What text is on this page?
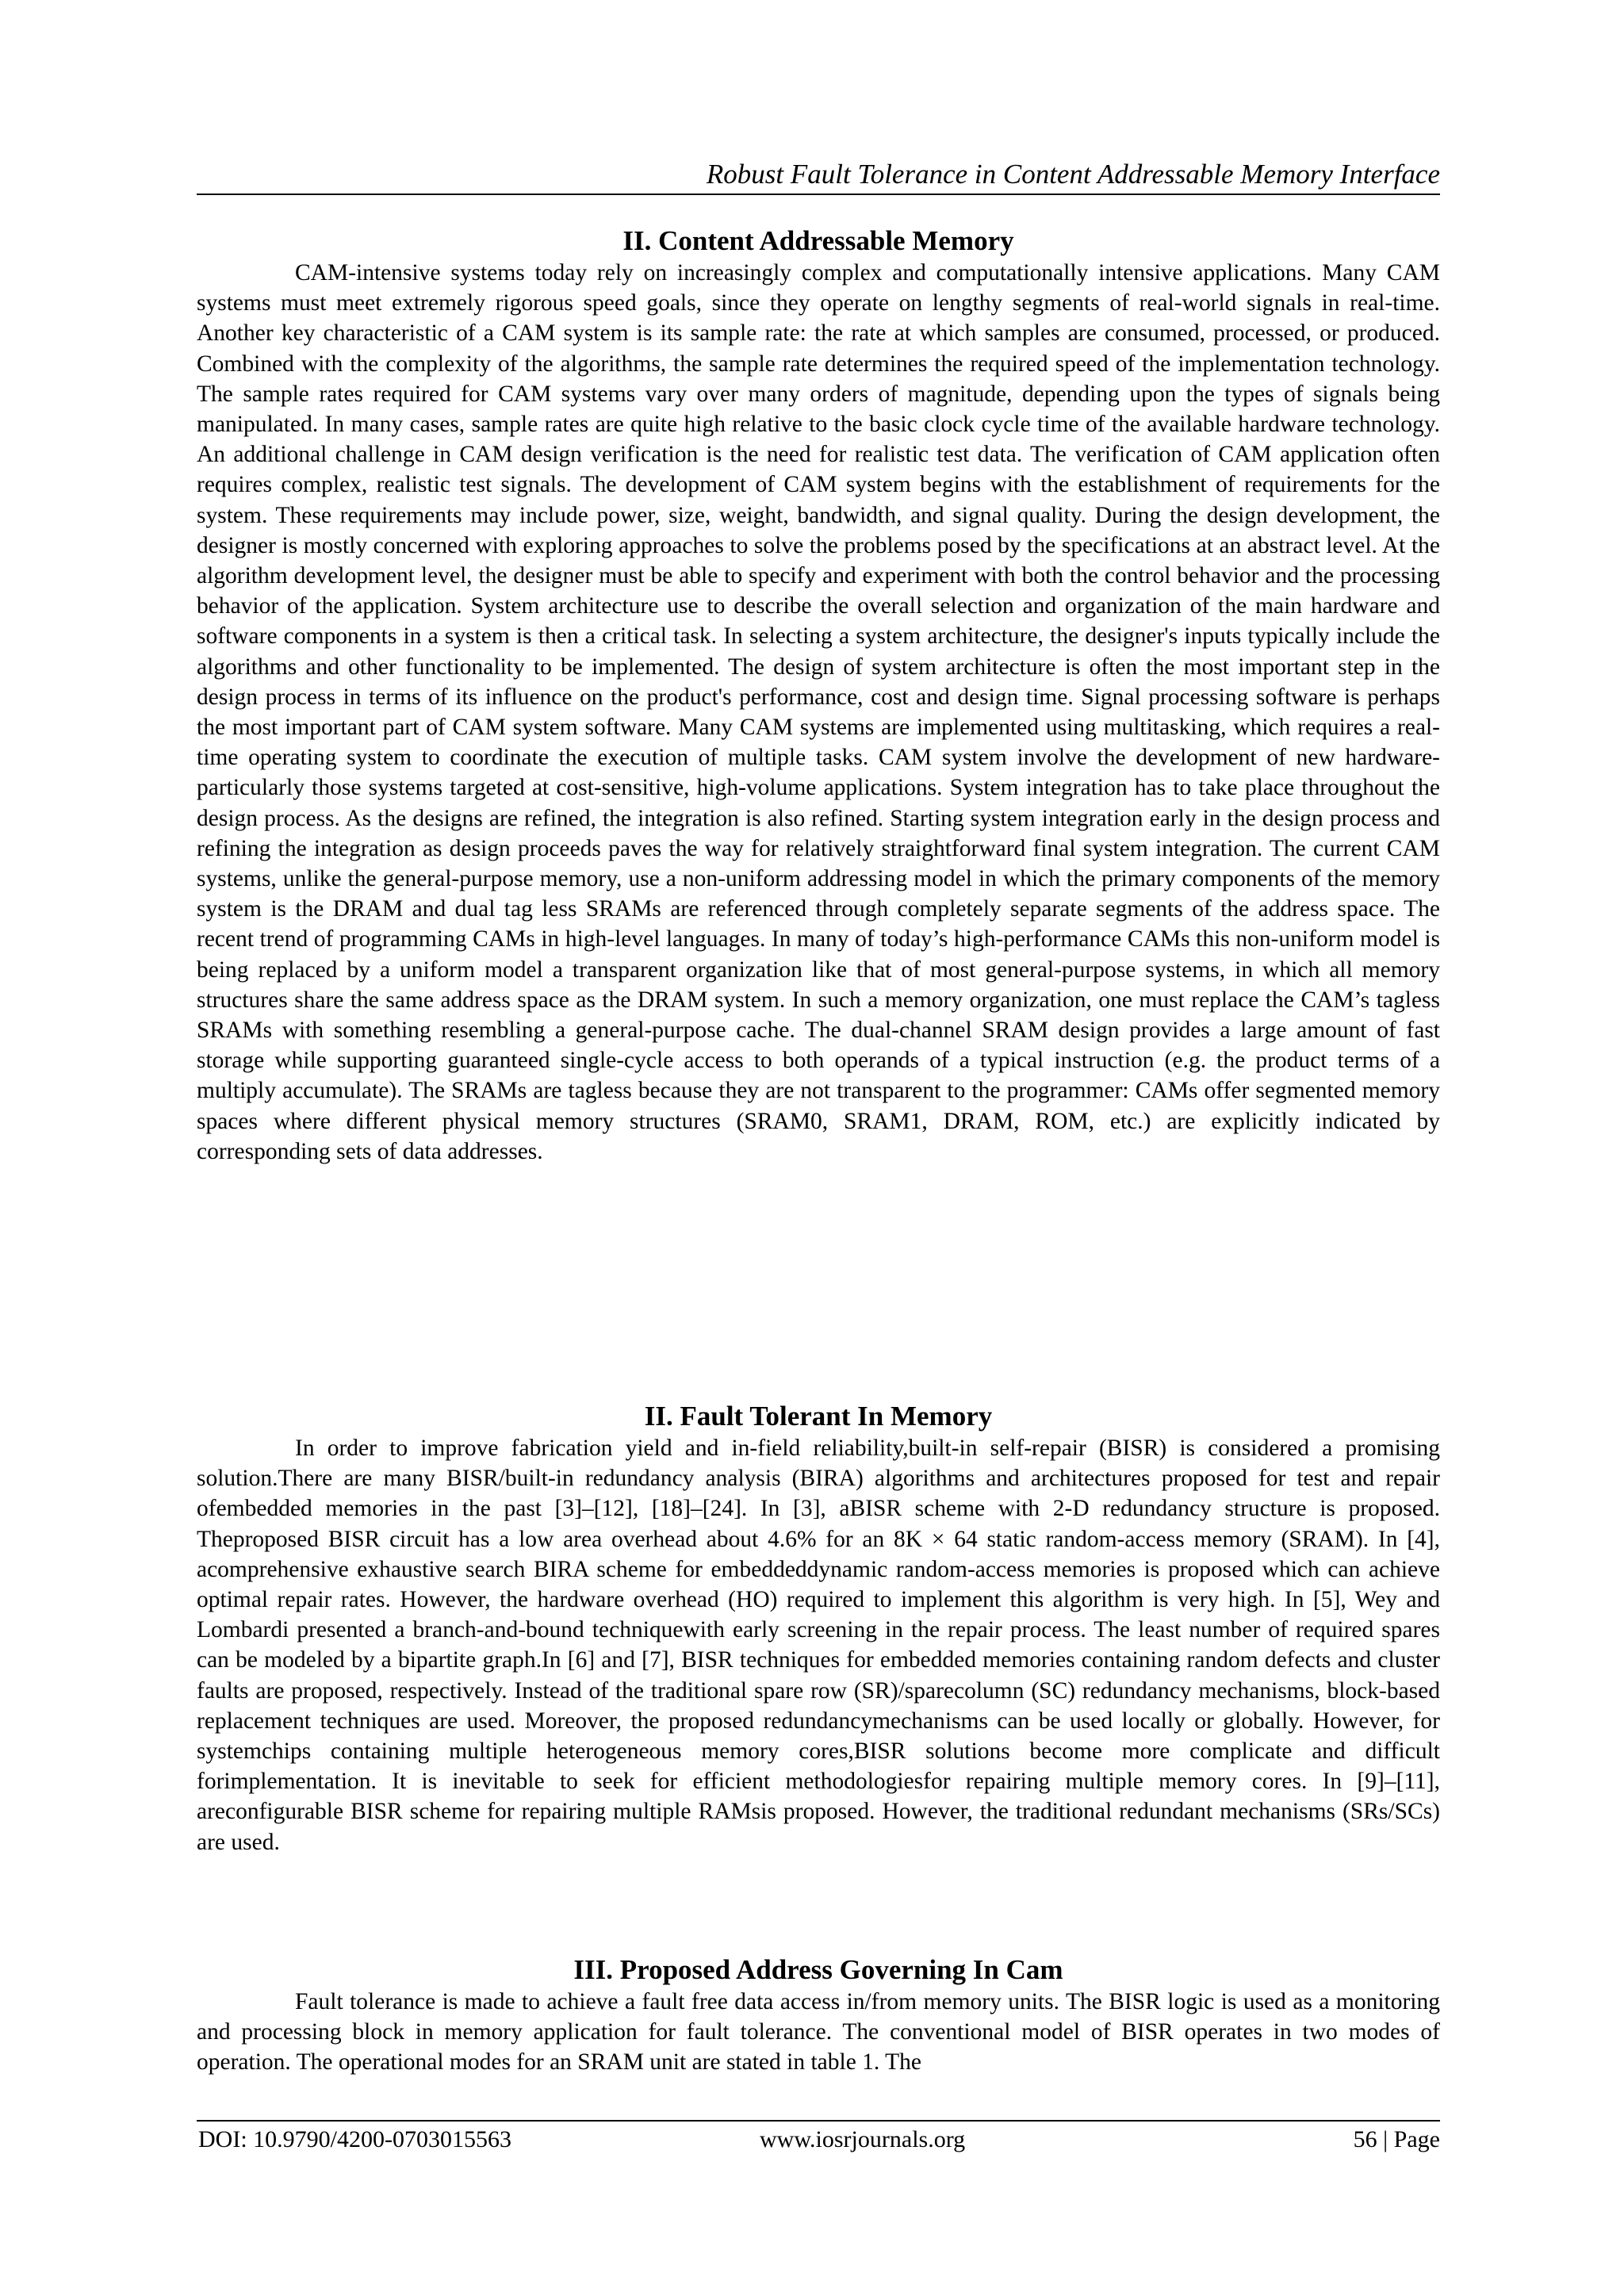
Robust Fault Tolerance in Content Addressable Memory Interface
II. Content Addressable Memory
CAM-intensive systems today rely on increasingly complex and computationally intensive applications. Many CAM systems must meet extremely rigorous speed goals, since they operate on lengthy segments of real-world signals in real-time. Another key characteristic of a CAM system is its sample rate: the rate at which samples are consumed, processed, or produced. Combined with the complexity of the algorithms, the sample rate determines the required speed of the implementation technology. The sample rates required for CAM systems vary over many orders of magnitude, depending upon the types of signals being manipulated. In many cases, sample rates are quite high relative to the basic clock cycle time of the available hardware technology. An additional challenge in CAM design verification is the need for realistic test data. The verification of CAM application often requires complex, realistic test signals. The development of CAM system begins with the establishment of requirements for the system. These requirements may include power, size, weight, bandwidth, and signal quality. During the design development, the designer is mostly concerned with exploring approaches to solve the problems posed by the specifications at an abstract level. At the algorithm development level, the designer must be able to specify and experiment with both the control behavior and the processing behavior of the application. System architecture use to describe the overall selection and organization of the main hardware and software components in a system is then a critical task. In selecting a system architecture, the designer's inputs typically include the algorithms and other functionality to be implemented. The design of system architecture is often the most important step in the design process in terms of its influence on the product's performance, cost and design time. Signal processing software is perhaps the most important part of CAM system software. Many CAM systems are implemented using multitasking, which requires a real-time operating system to coordinate the execution of multiple tasks. CAM system involve the development of new hardware-particularly those systems targeted at cost-sensitive, high-volume applications. System integration has to take place throughout the design process. As the designs are refined, the integration is also refined. Starting system integration early in the design process and refining the integration as design proceeds paves the way for relatively straightforward final system integration. The current CAM systems, unlike the general-purpose memory, use a non-uniform addressing model in which the primary components of the memory system is the DRAM and dual tag less SRAMs are referenced through completely separate segments of the address space. The recent trend of programming CAMs in high-level languages. In many of today’s high-performance CAMs this non-uniform model is being replaced by a uniform model a transparent organization like that of most general-purpose systems, in which all memory structures share the same address space as the DRAM system. In such a memory organization, one must replace the CAM’s tagless SRAMs with something resembling a general-purpose cache. The dual-channel SRAM design provides a large amount of fast storage while supporting guaranteed single-cycle access to both operands of a typical instruction (e.g. the product terms of a multiply accumulate). The SRAMs are tagless because they are not transparent to the programmer: CAMs offer segmented memory spaces where different physical memory structures (SRAM0, SRAM1, DRAM, ROM, etc.) are explicitly indicated by corresponding sets of data addresses.
II. Fault Tolerant In Memory
In order to improve fabrication yield and in-field reliability,built-in self-repair (BISR) is considered a promising solution.There are many BISR/built-in redundancy analysis (BIRA) algorithms and architectures proposed for test and repair ofembedded memories in the past [3]–[12], [18]–[24]. In [3], aBISR scheme with 2-D redundancy structure is proposed. Theproposed BISR circuit has a low area overhead about 4.6% for an 8K × 64 static random-access memory (SRAM). In [4], acomprehensive exhaustive search BIRA scheme for embeddeddynamic random-access memories is proposed which can achieve optimal repair rates. However, the hardware overhead (HO) required to implement this algorithm is very high. In [5], Wey and Lombardi presented a branch-and-bound techniquewith early screening in the repair process. The least number of required spares can be modeled by a bipartite graph.In [6] and [7], BISR techniques for embedded memories containing random defects and cluster faults are proposed, respectively. Instead of the traditional spare row (SR)/sparecolumn (SC) redundancy mechanisms, block-based replacement techniques are used. Moreover, the proposed redundancymechanisms can be used locally or globally. However, for systemchips containing multiple heterogeneous memory cores,BISR solutions become more complicate and difficult forimplementation. It is inevitable to seek for efficient methodologiesfor repairing multiple memory cores. In [9]–[11], areconfigurable BISR scheme for repairing multiple RAMsis proposed. However, the traditional redundant mechanisms (SRs/SCs) are used.
III. Proposed Address Governing In Cam
Fault tolerance is made to achieve a fault free data access in/from memory units. The BISR logic is used as a monitoring and processing block in memory application for fault tolerance. The conventional model of BISR operates in two modes of operation. The operational modes for an SRAM unit are stated in table 1. The
DOI: 10.9790/4200-0703015563	www.iosrjournals.org	56 | Page
